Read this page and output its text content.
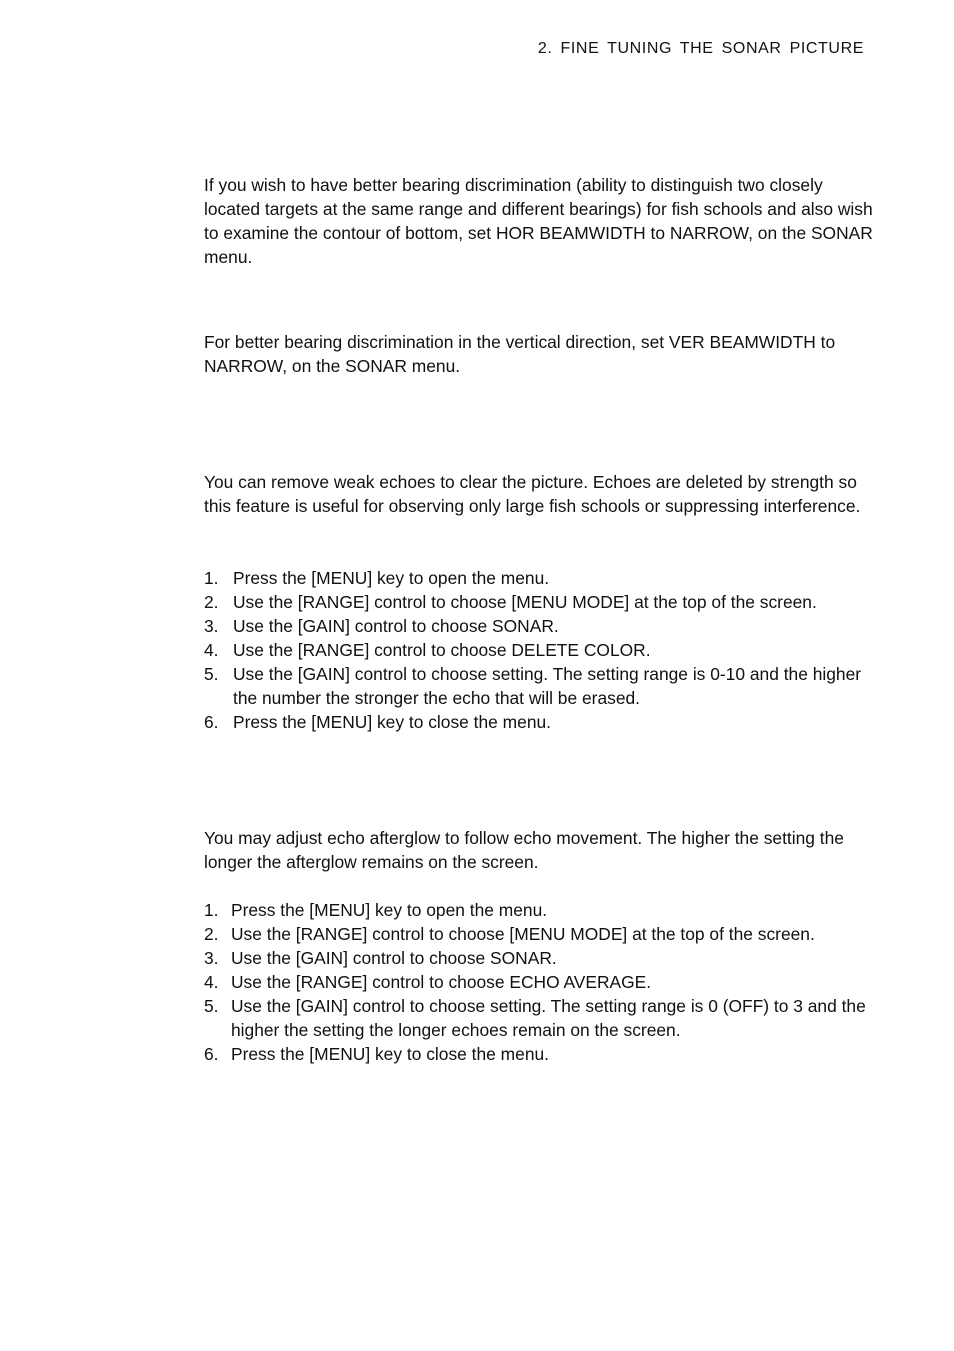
2. FINE TUNING THE SONAR PICTURE

If you wish to have better bearing discrimination (ability to distinguish two closely located targets at the same range and different bearings) for fish schools and also wish to examine the contour of bottom, set HOR BEAMWIDTH to NARROW, on the SONAR menu.

For better bearing discrimination in the vertical direction, set VER BEAMWIDTH to NARROW, on the SONAR menu.

You can remove weak echoes to clear the picture. Echoes are deleted by strength so this feature is useful for observing only large fish schools or suppressing interference.

1. Press the [MENU] key to open the menu.
2. Use the [RANGE] control to choose [MENU MODE] at the top of the screen.
3. Use the [GAIN] control to choose SONAR.
4. Use the [RANGE] control to choose DELETE COLOR.
5. Use the [GAIN] control to choose setting. The setting range is 0-10 and the higher the number the stronger the echo that will be erased.
6. Press the [MENU] key to close the menu.

You may adjust echo afterglow to follow echo movement. The higher the setting the longer the afterglow remains on the screen.

1. Press the [MENU] key to open the menu.
2. Use the [RANGE] control to choose [MENU MODE] at the top of the screen.
3. Use the [GAIN] control to choose SONAR.
4. Use the [RANGE] control to choose ECHO AVERAGE.
5. Use the [GAIN] control to choose setting. The setting range is 0 (OFF) to 3 and the higher the setting the longer echoes remain on the screen.
6. Press the [MENU] key to close the menu.
